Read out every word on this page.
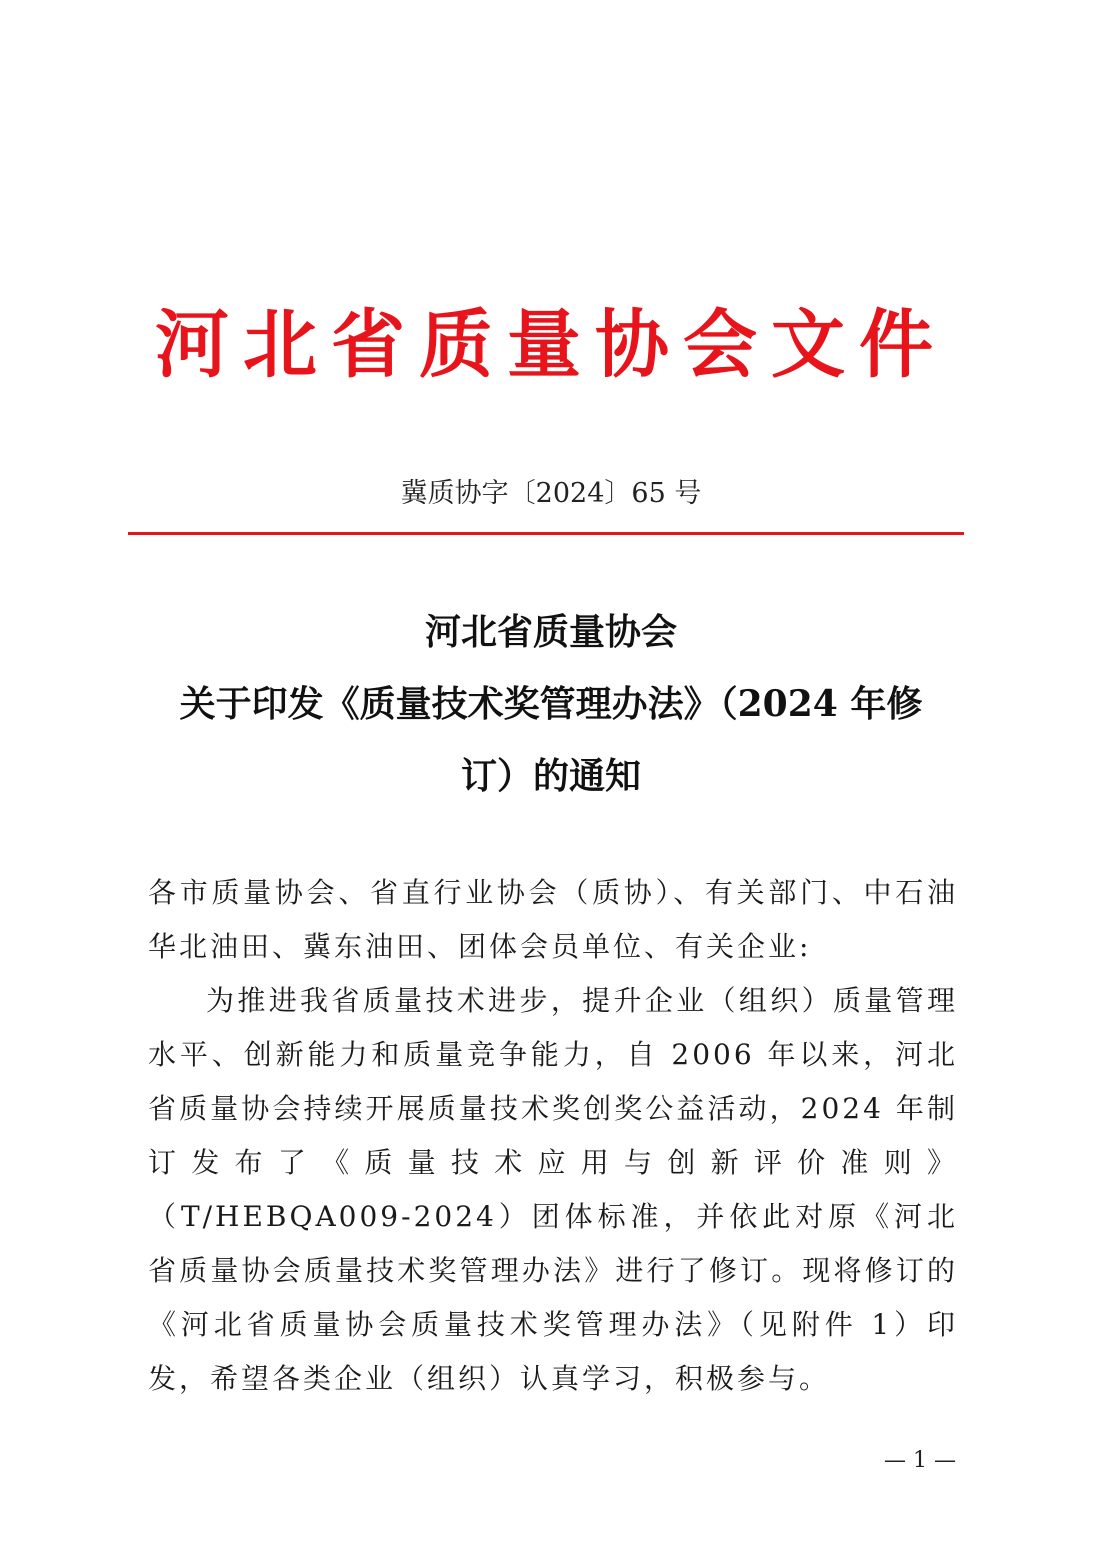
河北省质量协会文件
冀质协字〔2024〕65 号
河北省质量协会
关于印发《质量技术奖管理办法》（2024 年修
订）的通知

各市质量协会、省直行业协会（质协）、有关部门、中石油华北油田、冀东油田、团体会员单位、有关企业:

为推进我省质量技术进步，提升企业（组织）质量管理水平、创新能力和质量竞争能力，自 2006 年以来，河北省质量协会持续开展质量技术奖创奖公益活动，2024 年制订发布了《质量技术应用与创新评价准则》（T/HEBQA009-2024）团体标准，并依此对原《河北省质量协会质量技术奖管理办法》进行了修订。现将修订的《河北省质量协会质量技术奖管理办法》（见附件 1）印发，希望各类企业（组织）认真学习，积极参与。

— 1 —
